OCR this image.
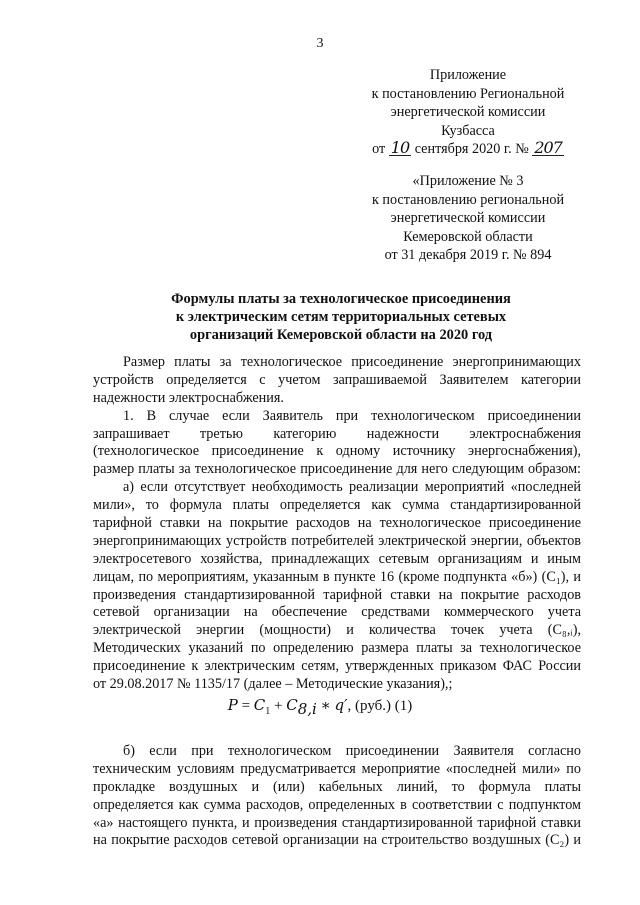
3
Приложение
к постановлению Региональной
энергетической комиссии
Кузбасса
от 10 сентября 2020 г. № 207
«Приложение № 3
к постановлению региональной
энергетической комиссии
Кемеровской области
от 31 декабря 2019 г. № 894
Формулы платы за технологическое присоединения
к электрическим сетям территориальных сетевых
организаций Кемеровской области на 2020 год
Размер платы за технологическое присоединение энергопринимающих
устройств определяется с учетом запрашиваемой Заявителем категории
надежности электроснабжения.
1. В случае если Заявитель при технологическом присоединении
запрашивает третью категорию надежности электроснабжения
(технологическое присоединение к одному источнику энергоснабжения),
размер платы за технологическое присоединение для него следующим образом:
а) если отсутствует необходимость реализации мероприятий «последней
мили», то формула платы определяется как сумма стандартизированной
тарифной ставки на покрытие расходов на технологическое присоединение
энергопринимающих устройств потребителей электрической энергии, объектов
электросетевого хозяйства, принадлежащих сетевым организациям и иным
лицам, по мероприятиям, указанным в пункте 16 (кроме подпункта «б») (C₁), и
произведения стандартизированной тарифной ставки на покрытие расходов
сетевой организации на обеспечение средствами коммерческого учета
электрической энергии (мощности) и количества точек учета (C₈,ᵢ),
Методических указаний по определению размера платы за технологическое
присоединение к электрическим сетям, утвержденных приказом ФАС России
от 29.08.2017 № 1135/17 (далее – Методические указания),;
$P = C_1 + C_{8,i}$ ∗ q′, (руб.) (1)
б) если при технологическом присоединении Заявителя согласно
техническим условиям предусматривается мероприятие «последней мили» по
прокладке воздушных и (или) кабельных линий, то формула платы
определяется как сумма расходов, определенных в соответствии с подпунктом
«а» настоящего пункта, и произведения стандартизированной тарифной ставки
на покрытие расходов сетевой организации на строительство воздушных (C₂) и
